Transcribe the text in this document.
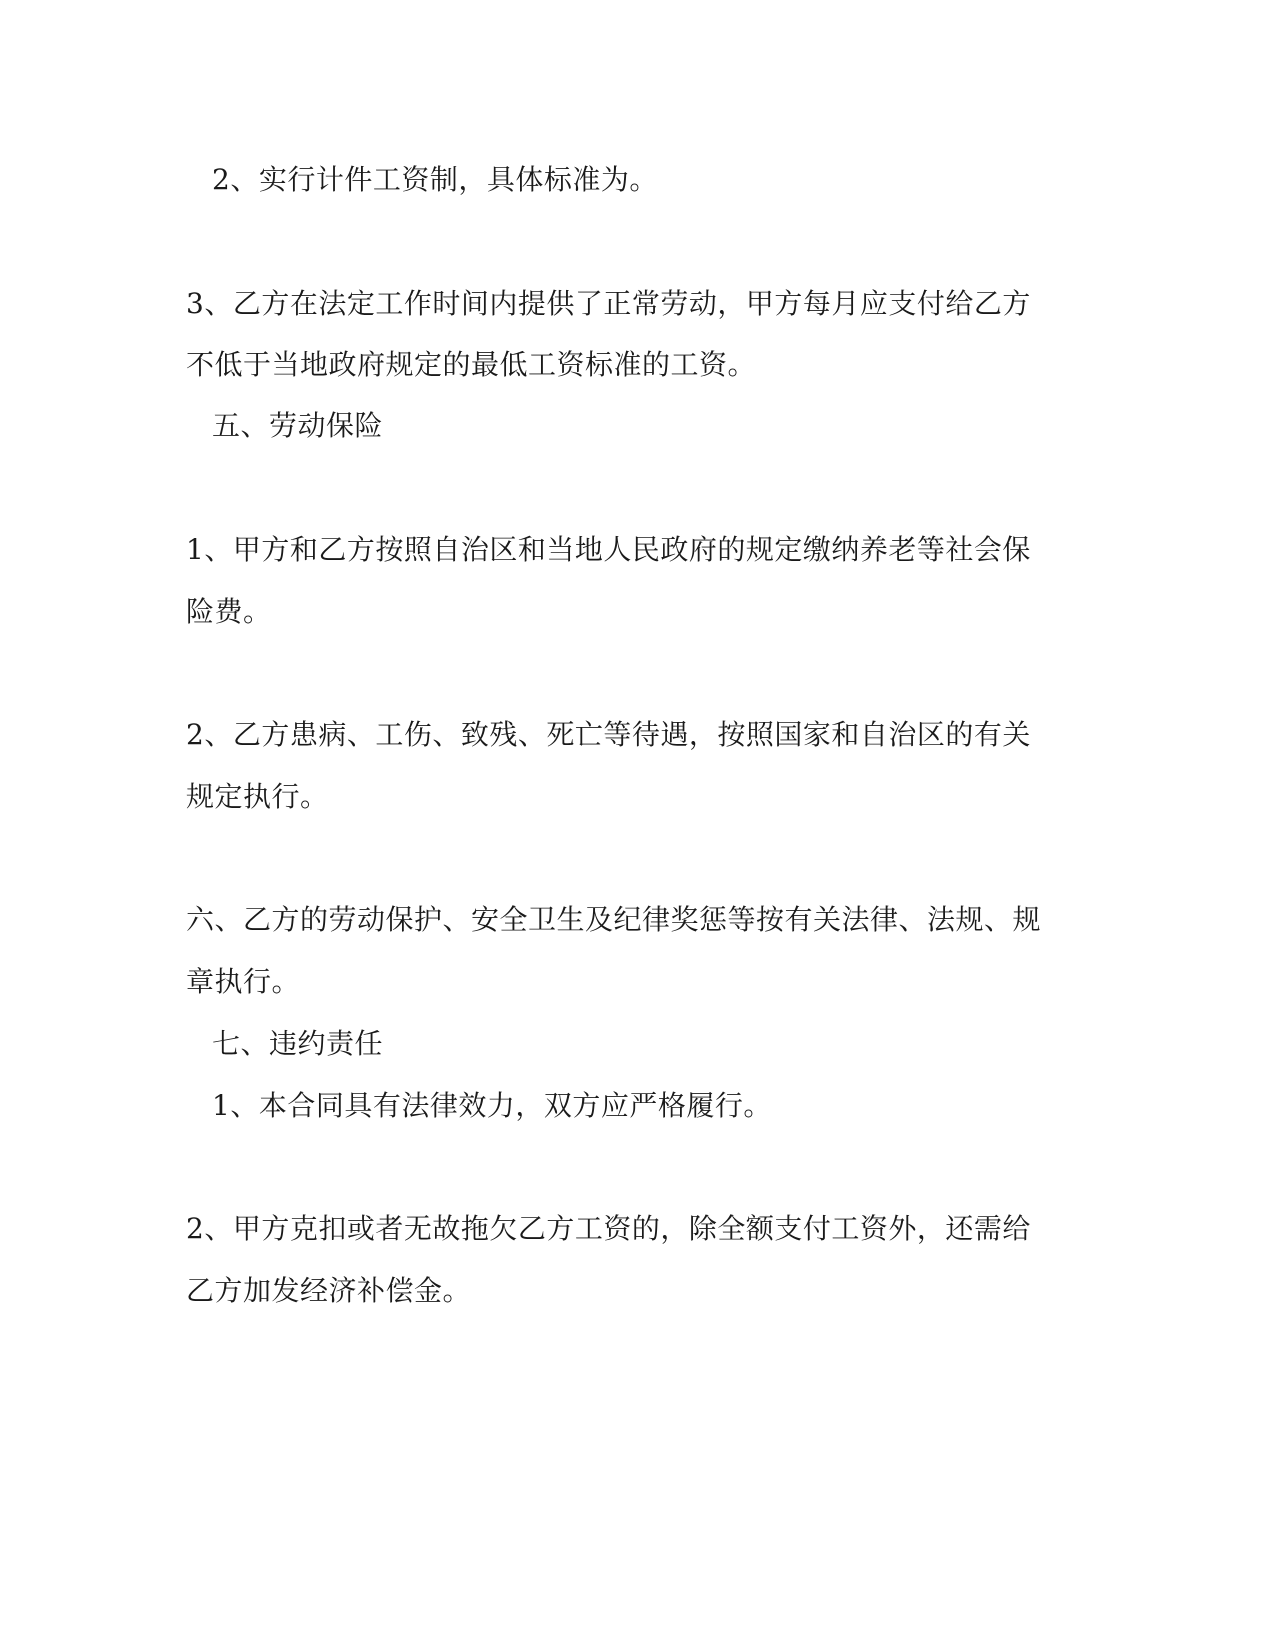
2、实行计件工资制，具体标准为。
3、乙方在法定工作时间内提供了正常劳动，甲方每月应支付给乙方
不低于当地政府规定的最低工资标准的工资。
五、劳动保险
1、甲方和乙方按照自治区和当地人民政府的规定缴纳养老等社会保
险费。
2、乙方患病、工伤、致残、死亡等待遇，按照国家和自治区的有关
规定执行。
六、乙方的劳动保护、安全卫生及纪律奖惩等按有关法律、法规、规
章执行。
七、违约责任
1、本合同具有法律效力，双方应严格履行。
2、甲方克扣或者无故拖欠乙方工资的，除全额支付工资外，还需给
乙方加发经济补偿金。
